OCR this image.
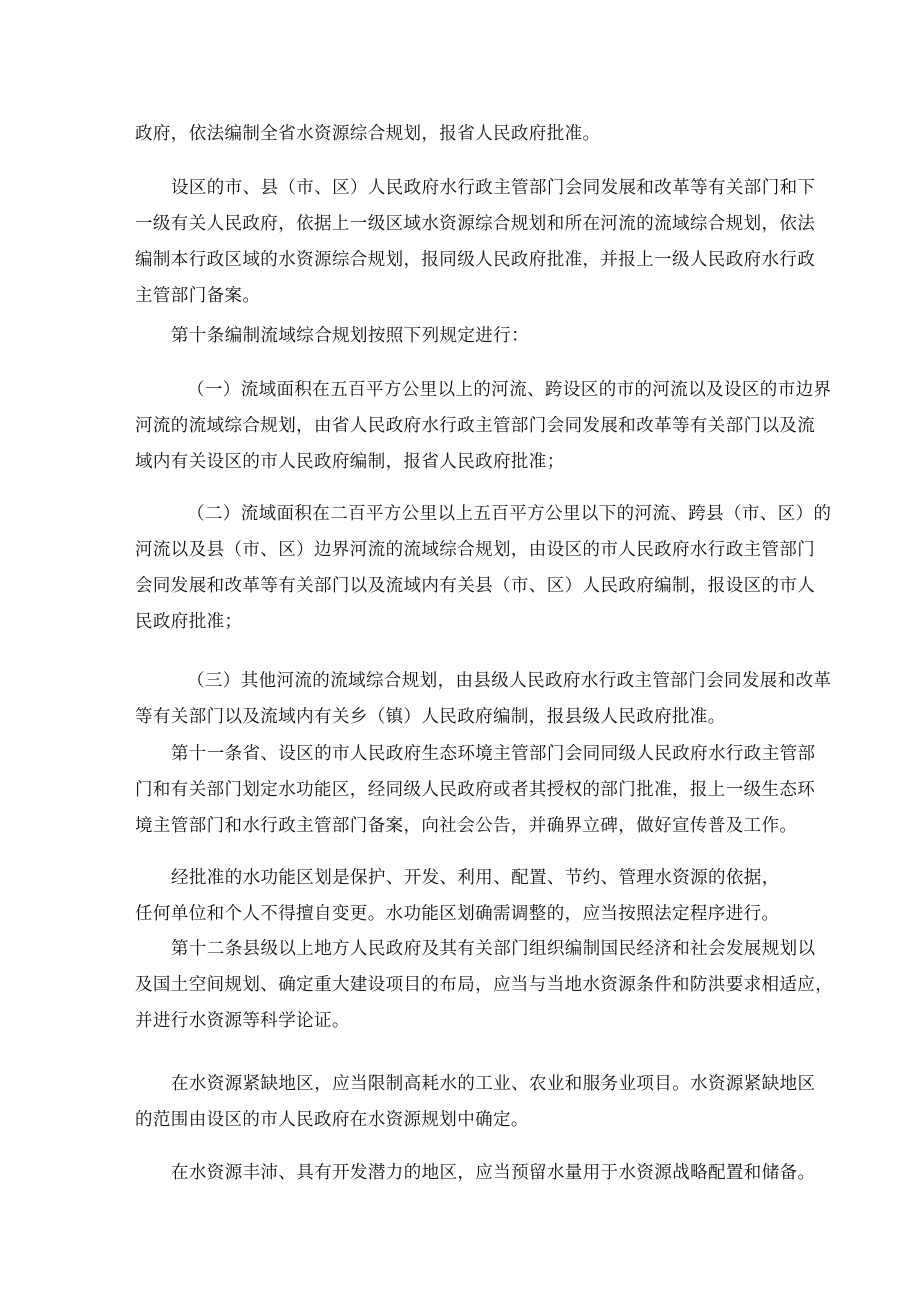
政府，依法编制全省水资源综合规划，报省人民政府批准。

设区的市、县（市、区）人民政府水行政主管部门会同发展和改革等有关部门和下
一级有关人民政府，依据上一级区域水资源综合规划和所在河流的流域综合规划，依法
编制本行政区域的水资源综合规划，报同级人民政府批准，并报上一级人民政府水行政
主管部门备案。

第十条编制流域综合规划按照下列规定进行：

（一）流域面积在五百平方公里以上的河流、跨设区的市的河流以及设区的市边界
河流的流域综合规划，由省人民政府水行政主管部门会同发展和改革等有关部门以及流
域内有关设区的市人民政府编制，报省人民政府批准；

（二）流域面积在二百平方公里以上五百平方公里以下的河流、跨县（市、区）的
河流以及县（市、区）边界河流的流域综合规划，由设区的市人民政府水行政主管部门
会同发展和改革等有关部门以及流域内有关县（市、区）人民政府编制，报设区的市人
民政府批准；

（三）其他河流的流域综合规划，由县级人民政府水行政主管部门会同发展和改革
等有关部门以及流域内有关乡（镇）人民政府编制，报县级人民政府批准。

第十一条省、设区的市人民政府生态环境主管部门会同同级人民政府水行政主管部
门和有关部门划定水功能区，经同级人民政府或者其授权的部门批准，报上一级生态环
境主管部门和水行政主管部门备案，向社会公告，并确界立碑，做好宣传普及工作。

经批准的水功能区划是保护、开发、利用、配置、节约、管理水资源的依据，
任何单位和个人不得擅自变更。水功能区划确需调整的，应当按照法定程序进行。

第十二条县级以上地方人民政府及其有关部门组织编制国民经济和社会发展规划以
及国土空间规划、确定重大建设项目的布局，应当与当地水资源条件和防洪要求相适应，
并进行水资源等科学论证。

在水资源紧缺地区，应当限制高耗水的工业、农业和服务业项目。水资源紧缺地区
的范围由设区的市人民政府在水资源规划中确定。

在水资源丰沛、具有开发潜力的地区，应当预留水量用于水资源战略配置和储备。
